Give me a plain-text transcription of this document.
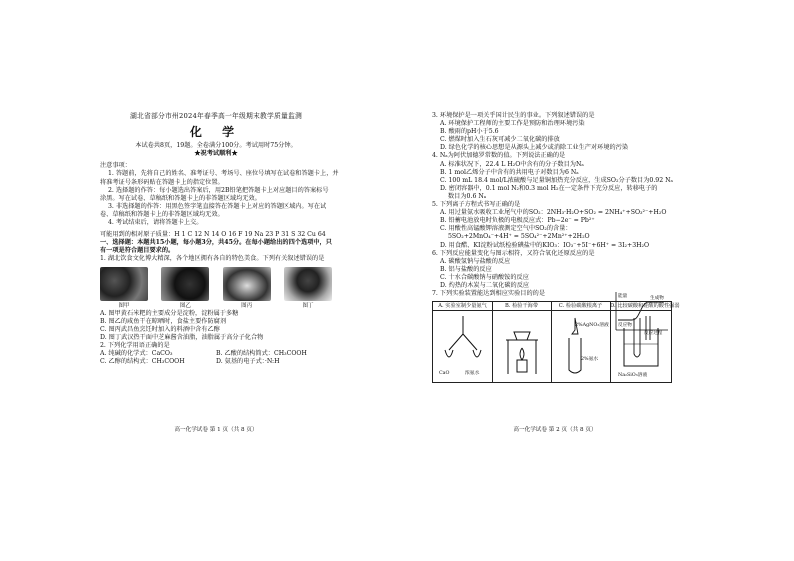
湖北省部分市州2024年春季高一年级期末教学质量监测
化 学

本试卷共8页，19题。全卷满分100分。考试用时75分钟。

★祝考试顺利★

注意事项：

1. 答题前，先将自己的姓名、准考证号、考场号、座位号填写在试卷和答题卡上，并

将准考证号条形码贴在答题卡上的指定位置。

2. 选择题的作答：每小题选出答案后，用2B铅笔把答题卡上对应题目的答案标号

涂黑。写在试卷、草稿纸和答题卡上的非答题区域均无效。

3. 非选择题的作答：用黑色签字笔直接答在答题卡上对应的答题区域内。写在试

卷、草稿纸和答题卡上的非答题区域均无效。

4. 考试结束后，请将答题卡上交。

可能用到的相对原子质量：H 1 C 12 N 14 O 16 F 19 Na 23 P 31 S 32 Cu 64

一、选择题：本题共15小题，每小题3分，共45分。在每小题给出的四个选项中，只

有一项是符合题目要求的。

1. 湖北饮食文化博大精深，各个地区拥有各自的特色美食。下列有关叙述错误的是

图甲	图乙	图丙	图丁

A. 图甲黄石米粑的主要成分是淀粉，淀粉属于多糖

B. 图乙的咸鱼干在晾晒时，食盐主要作防腐剂

C. 图丙武昌鱼烹饪时加入的料酒中含有乙醇

D. 图丁武汉热干面中芝麻酱含油脂，油脂属于高分子化合物

2. 下列化学用语正确的是

A. 纯碱的化学式：CaCO₃	B. 乙酸的结构简式：CH₃COOH
C. 乙醇的结构式：CH₃COOH	D. 氨基的电子式：·N:H
高一化学试卷 第 1 页（共 8 页）

3. 环境保护是一项关乎国计民生的事业。下列叙述错误的是

A. 环境保护工程师的主要工作是预防和治理环境污染

B. 酸雨的pH小于5.6

C. 燃煤时加入生石灰可减少二氧化碳的排放

D. 绿色化学的核心思想是从源头上减少或消除工业生产对环境的污染

4. Nₐ为阿伏加德罗常数的值。下列说法正确的是

A. 标准状况下，22.4 L H₂O中含有的分子数目为Nₐ

B. 1 mol乙烯分子中含有的共用电子对数目为6 Nₐ

C. 100 mL 18.4 mol/L浓硫酸与足量铜加热充分反应，生成SO₂分子数目为0.92 Nₐ

D. 密闭容器中，0.1 mol N₂和0.3 mol H₂在一定条件下充分反应，转移电子的

数目为0.6 Nₐ

5. 下列离子方程式书写正确的是

A. 用过量氨水吸收工业尾气中的SO₂：2NH₃·H₂O+SO₂ = 2NH₄⁺+SO₃²⁻+H₂O

B. 铅蓄电池放电时负极的电极反应式：Pb−2e⁻ = Pb²⁺

C. 用酸性高锰酸钾溶液测定空气中SO₂的含量：

5SO₂+2MnO₄⁻+4H⁺ = 5SO₄²⁻+2Mn²⁺+2H₂O

D. 用食醋、KI淀粉试纸检验碘盐中的KIO₃：IO₃⁻+5I⁻+6H⁺ = 3I₂+3H₂O

6. 下列反应能量变化与图示相符，又符合氧化还原反应的是

A. 碳酸氢钠与盐酸的反应

B. 铝与盐酸的反应

C. 十水合碳酸钠与硝酸铵的反应

D. 灼热的木炭与二氧化碳的反应

能量	生成物
反应物
反应过程

7. 下列实验装置能达到相应实验目的的是

A. 实验室制少量氨气
CaO	浓氨水
B. 检验干海带	C. 检验碳酸根离子
2%AgNO₃溶液
2%氨水
D. 比较碳酸和硅酸的酸性强弱
Na₂SiO₃溶液
高一化学试卷 第 2 页（共 8 页）
